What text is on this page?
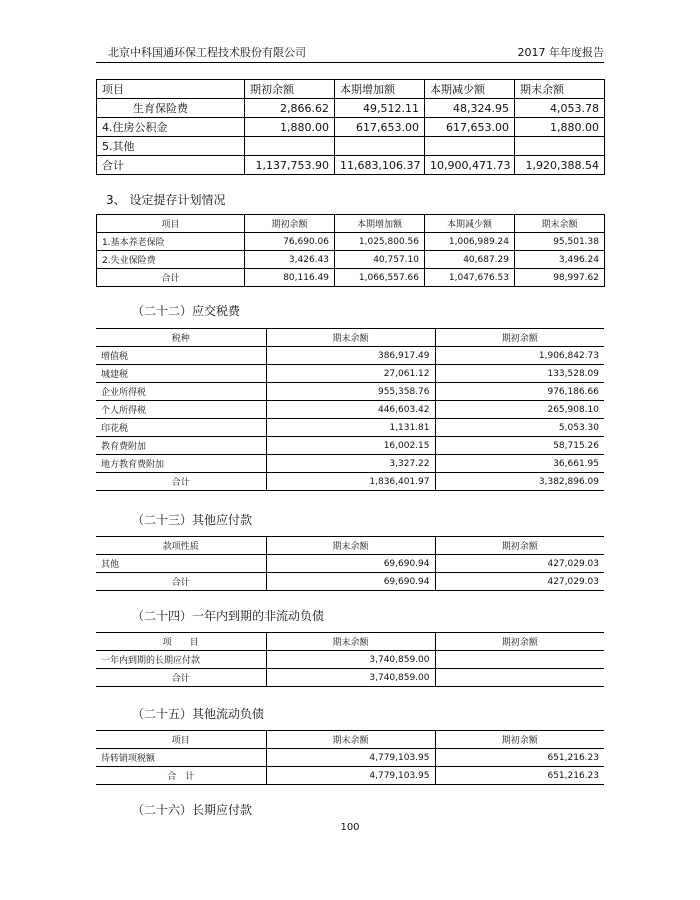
北京中科国通环保工程技术股份有限公司	2017 年年度报告
项目	期初余额	本期增加额	本期减少额	期末余额
生育保险费	2,866.62	49,512.11	48,324.95	4,053.78
4.住房公积金	1,880.00	617,653.00	617,653.00	1,880.00
5.其他				
合计	1,137,753.90	11,683,106.37	10,900,471.73	1,920,388.54
3、 设定提存计划情况
项目	期初余额	本期增加额	本期减少额	期末余额
1.基本养老保险	76,690.06	1,025,800.56	1,006,989.24	95,501.38
2.失业保险费	3,426.43	40,757.10	40,687.29	3,496.24
合计	80,116.49	1,066,557.66	1,047,676.53	98,997.62
（二十二）应交税费
税种	期末余额	期初余额
增值税	386,917.49	1,906,842.73
城建税	27,061.12	133,528.09
企业所得税	955,358.76	976,186.66
个人所得税	446,603.42	265,908.10
印花税	1,131.81	5,053.30
教育费附加	16,002.15	58,715.26
地方教育费附加	3,327.22	36,661.95
合计	1,836,401.97	3,382,896.09
（二十三）其他应付款
款项性质	期末余额	期初余额
其他	69,690.94	427,029.03
合计	69,690.94	427,029.03
（二十四）一年内到期的非流动负债
项　　目	期末余额	期初余额
一年内到期的长期应付款	3,740,859.00	
合计	3,740,859.00	
（二十五）其他流动负债
项目	期末余额	期初余额
待转销项税额	4,779,103.95	651,216.23
合　计	4,779,103.95	651,216.23
（二十六）长期应付款
100
